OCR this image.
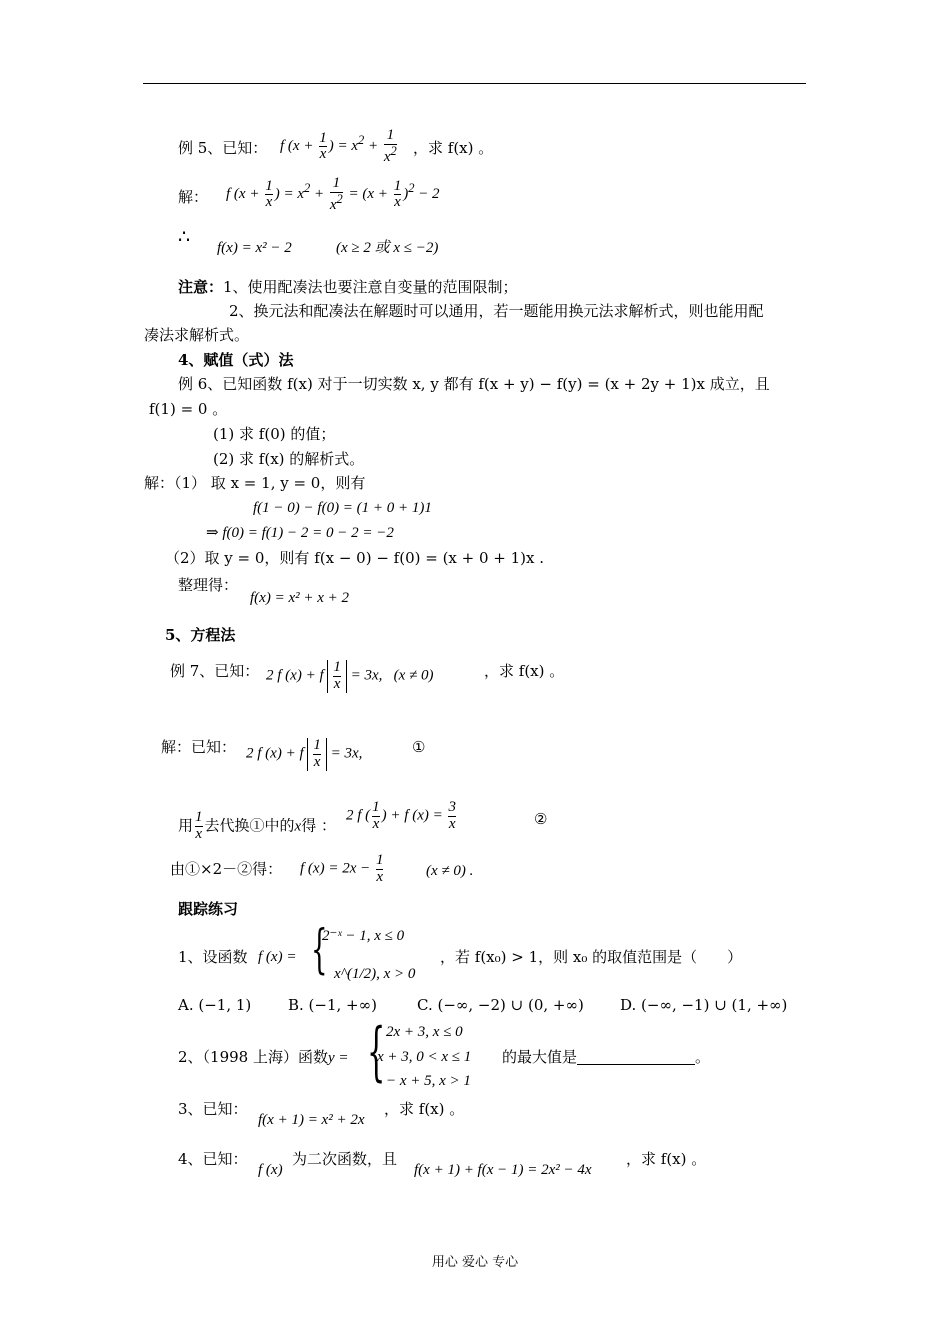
例 5、已知： f ($x + \frac{1}{x}$ ) = $x^2 + \frac{1}{x^2}$ ，求 f(x) 。
解： f ($x + \frac{1}{x}$ ) = $x^2 + \frac{1}{x^2} = (x + \frac{1}{x} )^2 - 2$
∴ f(x) = x² − 2	(x ≥ 2 或 x ≤ −2)
注意：1、使用配凑法也要注意自变量的范围限制；
2、换元法和配凑法在解题时可以通用，若一题能用换元法求解析式，则也能用配
凑法求解析式。
4、赋值（式）法
例 6、已知函数 f(x) 对于一切实数 x, y 都有 f(x + y) − f(y) = (x + 2y + 1)x 成立，且
f(1) = 0 。
(1) 求 f(0) 的值；
(2) 求 f(x) 的解析式。
解：（1） 取 x = 1, y = 0，则有
f(1 − 0) − f(0) = (1 + 0 + 1)1
⇒ f(0) = f(1) − 2 = 0 − 2 = −2
（2）取 y = 0，则有 f(x − 0) − f(0) = (x + 0 + 1)x .
整理得：
f(x) = x² + x + 2
5、方程法
例 7、已知： 2 f (x) + f $\frac{1}{x} = 3x$,   (x ≠ 0)	，求 f(x) 。
解：已知： 2 f (x) + f $\frac{1}{x} = 3x$,	①
用 $\frac{1}{x}$ 去代换①中的x得 ：
2 f ( $\frac{1}{x}$ ) + f $(x) = \frac{3}{x}$	②
由①×2－②得： f $(x) = 2x - \frac{1}{x}$	(x ≠ 0) .
跟踪练习
1、设函数 f (x) = {
2⁻ˣ − 1, x ≤ 0
x^(1/2), x > 0
，若 f(x₀) > 1，则 x₀ 的取值范围是（　　）
A. (−1, 1) B. (−1, +∞)	C. (−∞, −2) ∪ (0, +∞) D. (−∞, −1) ∪ (1, +∞)
2、（1998 上海）函数y = { 2x + 3, x ≤ 0
x + 3, 0 < x ≤ 1
− x + 5, x > 1
的最大值是	。
3、已知：
f(x + 1) = x² + 2x
，求 f(x) 。
4、已知：
f (x)
为二次函数，且
f(x + 1) + f(x − 1) = 2x² − 4x
，求 f(x) 。
用心 爱心 专心
